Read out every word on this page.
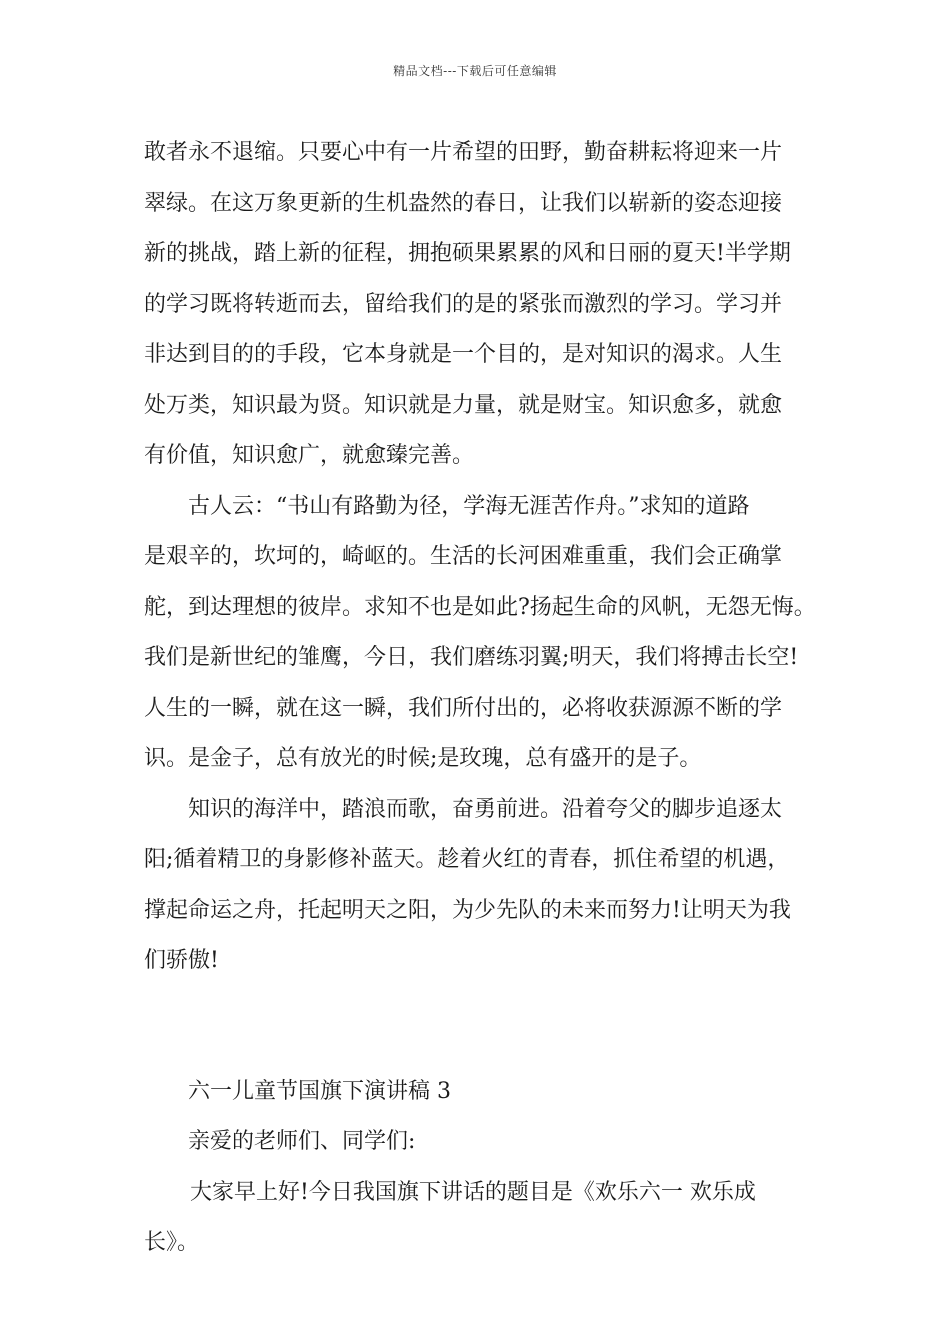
精品文档---下载后可任意编辑
敢者永不退缩。只要心中有一片希望的田野，勤奋耕耘将迎来一片
翠绿。在这万象更新的生机盎然的春日，让我们以崭新的姿态迎接
新的挑战，踏上新的征程，拥抱硕果累累的风和日丽的夏天!半学期
的学习既将转逝而去，留给我们的是的紧张而激烈的学习。学习并
非达到目的的手段，它本身就是一个目的，是对知识的渴求。人生
处万类，知识最为贤。知识就是力量，就是财宝。知识愈多，就愈
有价值，知识愈广，就愈臻完善。
古人云：“书山有路勤为径，学海无涯苦作舟。”求知的道路
是艰辛的，坎坷的，崎岖的。生活的长河困难重重，我们会正确掌
舵，到达理想的彼岸。求知不也是如此?扬起生命的风帆，无怨无悔。
我们是新世纪的雏鹰，今日，我们磨练羽翼;明天，我们将搏击长空!
人生的一瞬，就在这一瞬，我们所付出的，必将收获源源不断的学
识。是金子，总有放光的时候;是玫瑰，总有盛开的是子。
知识的海洋中，踏浪而歌，奋勇前进。沿着夸父的脚步追逐太
阳;循着精卫的身影修补蓝天。趁着火红的青春，抓住希望的机遇，
撑起命运之舟，托起明天之阳，为少先队的未来而努力!让明天为我
们骄傲!
六一儿童节国旗下演讲稿 3
亲爱的老师们、同学们:
大家早上好!今日我国旗下讲话的题目是《欢乐六一 欢乐成
长》。
